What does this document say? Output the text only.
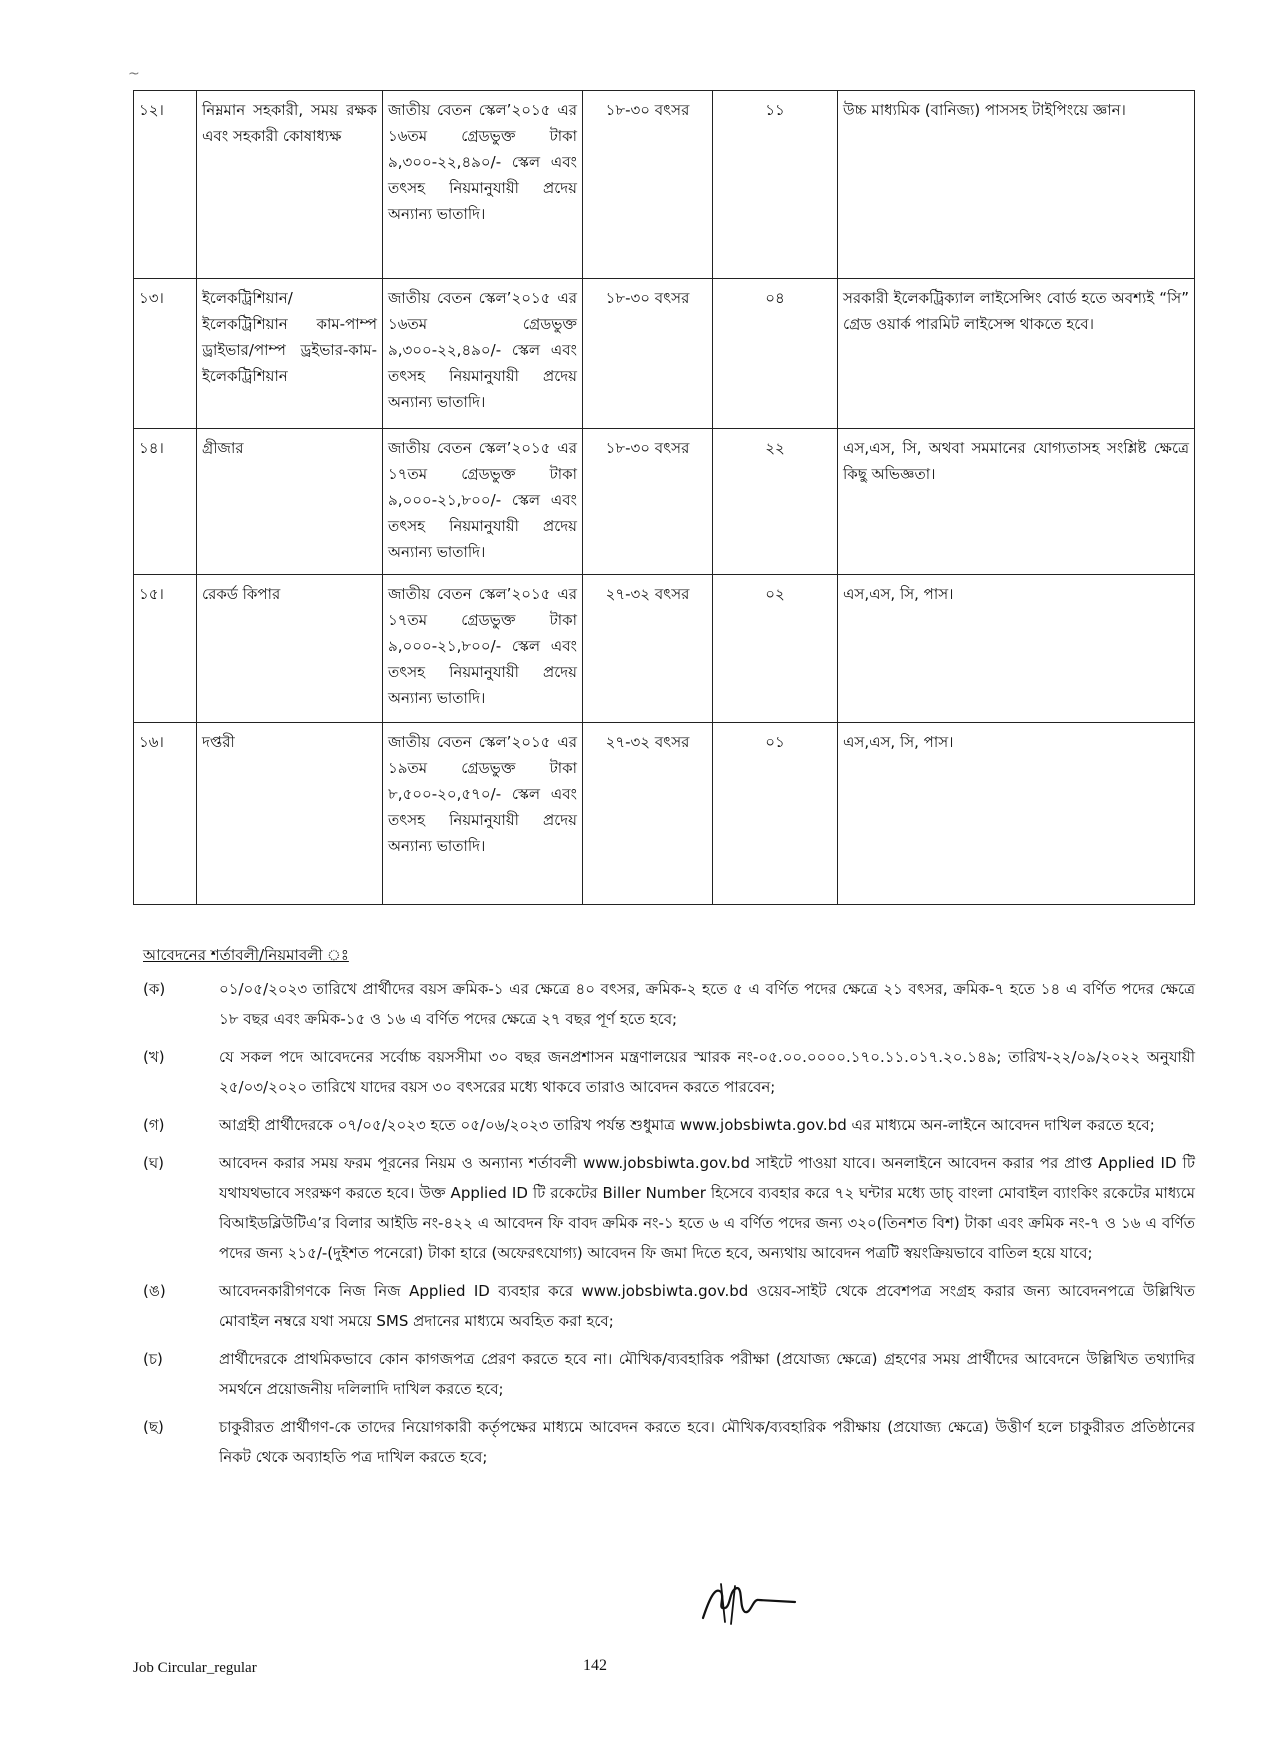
~
১২।	নিম্নমান সহকারী, সময় রক্ষক এবং সহকারী কোষাধ্যক্ষ	জাতীয় বেতন স্কেল’২০১৫ এর ১৬তম গ্রেডভুক্ত টাকা ৯,৩০০-২২,৪৯০/- স্কেল এবং তৎসহ নিয়মানুযায়ী প্রদেয় অন্যান্য ভাতাদি।	১৮-৩০ বৎসর	১১	উচ্চ মাধ্যমিক (বানিজ্য) পাসসহ টাইপিংয়ে জ্ঞান।
১৩।	ইলেকট্রিশিয়ান/ ইলেকট্রিশিয়ান কাম-পাম্প ড্রাইভার/পাম্প ড্রইভার-কাম-ইলেকট্রিশিয়ান	জাতীয় বেতন স্কেল’২০১৫ এর ১৬তম গ্রেডভুক্ত ৯,৩০০-২২,৪৯০/- স্কেল এবং তৎসহ নিয়মানুযায়ী প্রদেয় অন্যান্য ভাতাদি।	১৮-৩০ বৎসর	০৪	সরকারী ইলেকট্রিক্যাল লাইসেন্সিং বোর্ড হতে অবশ্যই “সি” গ্রেড ওয়ার্ক পারমিট লাইসেন্স থাকতে হবে।
১৪।	গ্রীজার	জাতীয় বেতন স্কেল’২০১৫ এর ১৭তম গ্রেডভুক্ত টাকা ৯,০০০-২১,৮০০/- স্কেল এবং তৎসহ নিয়মানুযায়ী প্রদেয় অন্যান্য ভাতাদি।	১৮-৩০ বৎসর	২২	এস,এস, সি, অথবা সমমানের যোগ্যতাসহ সংশ্লিষ্ট ক্ষেত্রে কিছু অভিজ্ঞতা।
১৫।	রেকর্ড কিপার	জাতীয় বেতন স্কেল’২০১৫ এর ১৭তম গ্রেডভুক্ত টাকা ৯,০০০-২১,৮০০/- স্কেল এবং তৎসহ নিয়মানুযায়ী প্রদেয় অন্যান্য ভাতাদি।	২৭-৩২ বৎসর	০২	এস,এস, সি, পাস।
১৬।	দপ্তরী	জাতীয় বেতন স্কেল’২০১৫ এর ১৯তম গ্রেডভুক্ত টাকা ৮,৫০০-২০,৫৭০/- স্কেল এবং তৎসহ নিয়মানুযায়ী প্রদেয় অন্যান্য ভাতাদি।	২৭-৩২ বৎসর	০১	এস,এস, সি, পাস।
আবেদনের শর্তাবলী/নিয়মাবলী ঃ
(ক)	০১/০৫/২০২৩ তারিখে প্রার্থীদের বয়স ক্রমিক-১ এর ক্ষেত্রে ৪০ বৎসর, ক্রমিক-২ হতে ৫ এ বর্ণিত পদের ক্ষেত্রে ২১ বৎসর, ক্রমিক-৭ হতে ১৪ এ বর্ণিত পদের ক্ষেত্রে ১৮ বছর এবং ক্রমিক-১৫ ও ১৬ এ বর্ণিত পদের ক্ষেত্রে ২৭ বছর পূর্ণ হতে হবে;
(খ)	যে সকল পদে আবেদনের সর্বোচ্চ বয়সসীমা ৩০ বছর জনপ্রশাসন মন্ত্রণালয়ের স্মারক নং-০৫.০০.০০০০.১৭০.১১.০১৭.২০.১৪৯; তারিখ-২২/০৯/২০২২ অনুযায়ী ২৫/০৩/২০২০ তারিখে যাদের বয়স ৩০ বৎসরের মধ্যে থাকবে তারাও আবেদন করতে পারবেন;
(গ)	আগ্রহী প্রার্থীদেরকে ০৭/০৫/২০২৩ হতে ০৫/০৬/২০২৩ তারিখ পর্যন্ত শুধুমাত্র www.jobsbiwta.gov.bd এর মাধ্যমে অন-লাইনে আবেদন দাখিল করতে হবে;
(ঘ)	আবেদন করার সময় ফরম পূরনের নিয়ম ও অন্যান্য শর্তাবলী www.jobsbiwta.gov.bd সাইটে পাওয়া যাবে। অনলাইনে আবেদন করার পর প্রাপ্ত Applied ID টি যথাযথভাবে সংরক্ষণ করতে হবে। উক্ত Applied ID টি রকেটের Biller Number হিসেবে ব্যবহার করে ৭২ ঘন্টার মধ্যে ডাচ্ বাংলা মোবাইল ব্যাংকিং রকেটের মাধ্যমে বিআইডব্লিউটিএ’র বিলার আইডি নং-৪২২ এ আবেদন ফি বাবদ ক্রমিক নং-১ হতে ৬ এ বর্ণিত পদের জন্য ৩২০(তিনশত বিশ) টাকা এবং ক্রমিক নং-৭ ও ১৬ এ বর্ণিত পদের জন্য ২১৫/-(দুইশত পনেরো) টাকা হারে (অফেরৎযোগ্য) আবেদন ফি জমা দিতে হবে, অন্যথায় আবেদন পত্রটি স্বয়ংক্রিয়ভাবে বাতিল হয়ে যাবে;
(ঙ)	আবেদনকারীগণকে নিজ নিজ Applied ID ব্যবহার করে www.jobsbiwta.gov.bd ওয়েব-সাইট থেকে প্রবেশপত্র সংগ্রহ করার জন্য আবেদনপত্রে উল্লিখিত মোবাইল নম্বরে যথা সময়ে SMS প্রদানের মাধ্যমে অবহিত করা হবে;
(চ)	প্রার্থীদেরকে প্রাথমিকভাবে কোন কাগজপত্র প্রেরণ করতে হবে না। মৌখিক/ব্যবহারিক পরীক্ষা (প্রযোজ্য ক্ষেত্রে) গ্রহণের সময় প্রার্থীদের আবেদনে উল্লিখিত তথ্যাদির সমর্থনে প্রয়োজনীয় দলিলাদি দাখিল করতে হবে;
(ছ)	চাকুরীরত প্রার্থীগণ-কে তাদের নিয়োগকারী কর্তৃপক্ষের মাধ্যমে আবেদন করতে হবে। মৌখিক/ব্যবহারিক পরীক্ষায় (প্রযোজ্য ক্ষেত্রে) উত্তীর্ণ হলে চাকুরীরত প্রতিষ্ঠানের নিকট থেকে অব্যাহতি পত্র দাখিল করতে হবে;
Job Circular_regular	142
